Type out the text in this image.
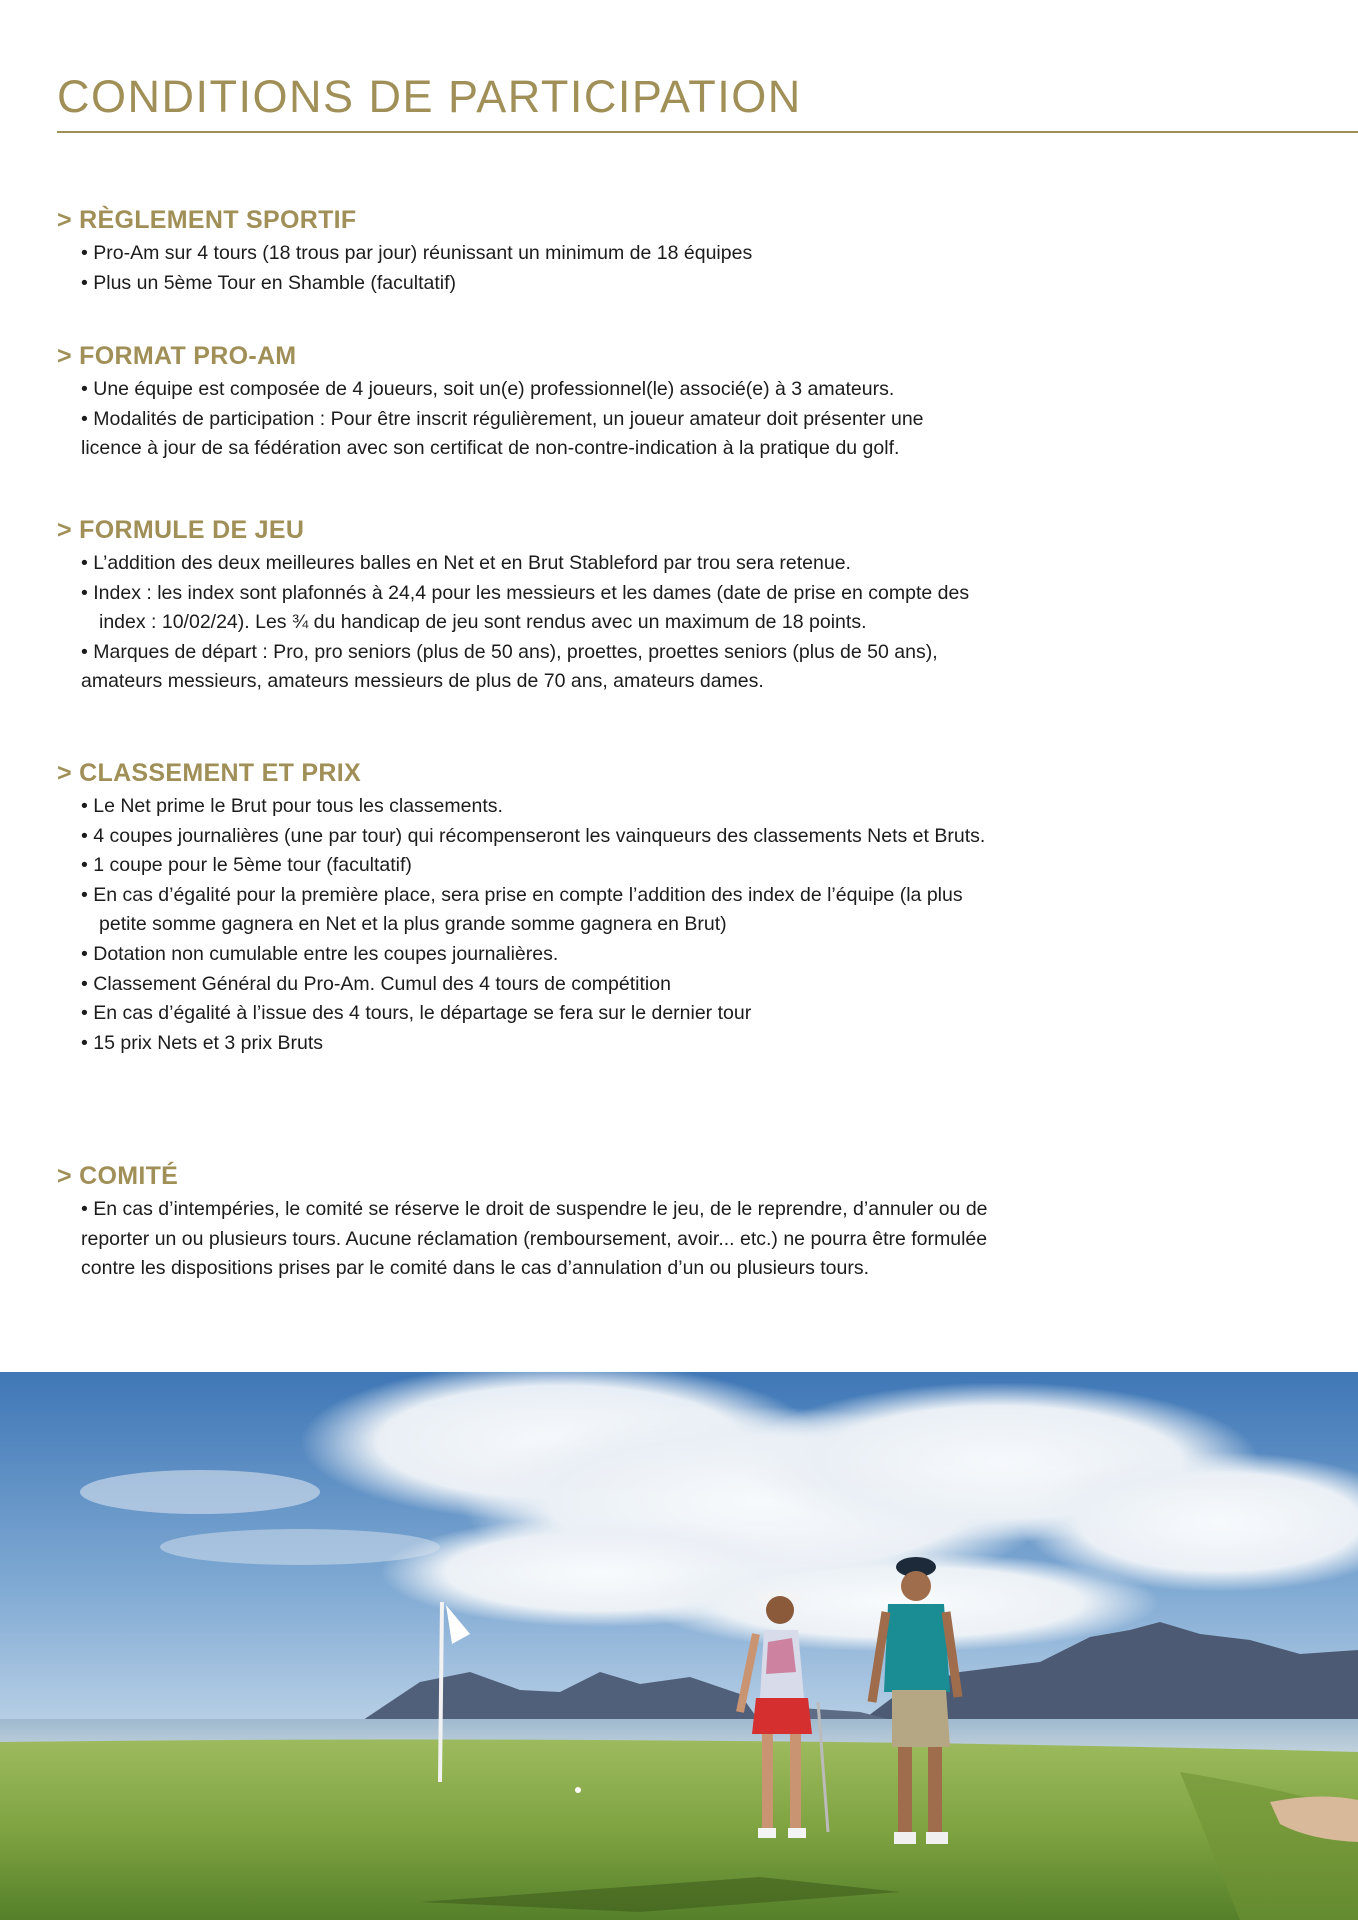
CONDITIONS DE PARTICIPATION
> RÈGLEMENT SPORTIF
• Pro-Am sur 4 tours (18 trous par jour) réunissant un minimum de 18 équipes
• Plus un 5ème Tour en Shamble (facultatif)
> FORMAT PRO-AM
• Une équipe est composée de 4 joueurs, soit un(e) professionnel(le) associé(e) à 3 amateurs.
• Modalités de participation : Pour être inscrit régulièrement, un joueur amateur doit présenter une
licence à jour de sa fédération avec son certificat de non-contre-indication à la pratique du golf.
> FORMULE DE JEU
• L’addition des deux meilleures balles en Net et en Brut Stableford par trou sera retenue.
• Index : les index sont plafonnés à 24,4 pour les messieurs et les dames (date de prise en compte des
index : 10/02/24). Les ¾ du handicap de jeu sont rendus avec un maximum de 18 points.
• Marques de départ : Pro, pro seniors (plus de 50 ans), proettes, proettes seniors (plus de 50 ans),
amateurs messieurs, amateurs messieurs de plus de 70 ans, amateurs dames.
> CLASSEMENT ET PRIX
• Le Net prime le Brut pour tous les classements.
• 4 coupes journalières (une par tour) qui récompenseront les vainqueurs des classements Nets et Bruts.
• 1 coupe pour le 5ème tour (facultatif)
• En cas d’égalité pour la première place, sera prise en compte l’addition des index de l’équipe (la plus
petite somme gagnera en Net et la plus grande somme gagnera en Brut)
• Dotation non cumulable entre les coupes journalières.
• Classement Général du Pro-Am. Cumul des 4 tours de compétition
• En cas d’égalité à l’issue des 4 tours, le départage se fera sur le dernier tour
• 15 prix Nets et 3 prix Bruts
> COMITÉ
• En cas d’intempéries, le comité se réserve le droit de suspendre le jeu, de le reprendre, d’annuler ou de
reporter un ou plusieurs tours. Aucune réclamation (remboursement, avoir... etc.) ne pourra être formulée
contre les dispositions prises par le comité dans le cas d’annulation d’un ou plusieurs tours.
